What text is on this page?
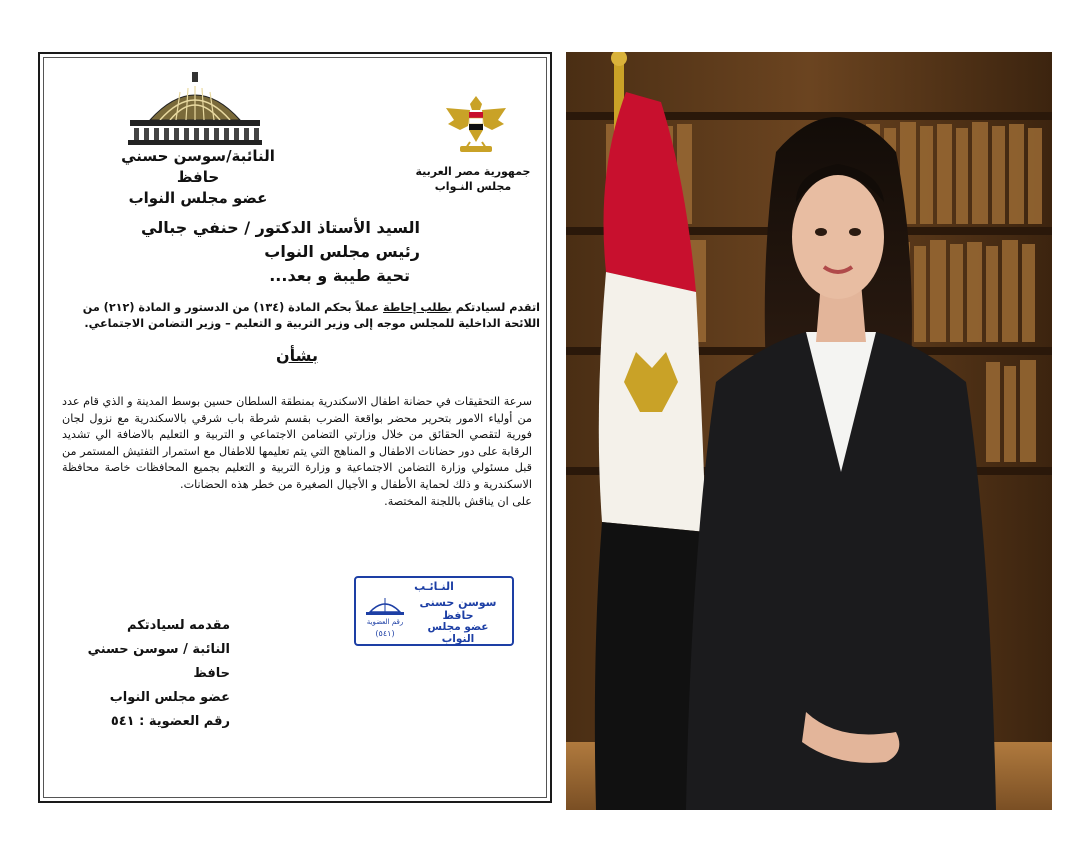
النائبة/سوسن حسني حافظ
عضو مجلس النواب
جمهورية مصر العربية
مجلس النـواب
السيد الأستاذ الدكتور / حنفي جبالي
رئيس مجلس النواب
تحية طيبة و بعد...
اتقدم لسيادتكم بطلب إحاطة عملاً بحكم المادة (١٣٤) من الدستور و المادة (٢١٢) من اللائحة الداخلية للمجلس موجه إلى وزير التربية و التعليم – وزير التضامن الاجتماعي.
بشأن

سرعة التحقيقات في حضانة اطفال الاسكندرية بمنطقة السلطان حسين بوسط المدينة و الذي قام عدد من أولياء الامور بتحرير محضر بواقعة الضرب بقسم شرطة باب شرقي بالاسكندرية مع نزول لجان فورية لتقصي الحقائق من خلال وزارتي التضامن الاجتماعي و التربية و التعليم بالاضافة الي تشديد الرقابة على دور حضانات الاطفال و المناهج التي يتم تعليمها للاطفال مع استمرار التفتيش المستمر من قبل مسئولي وزارة التضامن الاجتماعية و وزارة التربية و التعليم بجميع المحافظات خاصة محافظة الاسكندرية و ذلك لحماية الأطفال و الأجيال الصغيرة من خطر هذه الحضانات.

على ان يناقش باللجنة المختصة.

النـائـب
سوسن حسنى حافظ
عضو مجلس النواب
رقم العضوية
(٥٤١)
مقدمه لسيادتكم
النائبة / سوسن حسني حافظ
عضو مجلس النواب
رقم العضوية : ٥٤١
